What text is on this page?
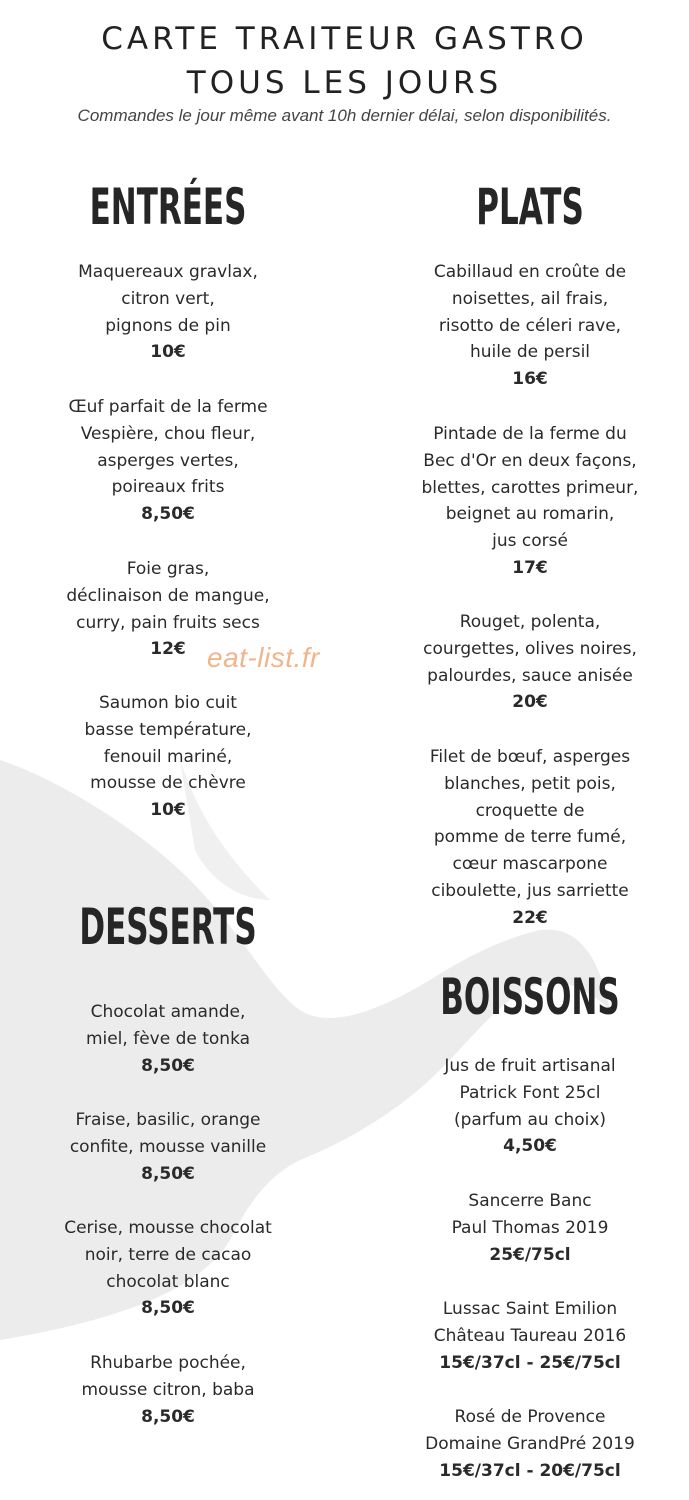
CARTE TRAITEUR GASTRO
TOUS LES JOURS
Commandes le jour même avant 10h dernier délai, selon disponibilités.
ENTRÉES
Maquereaux gravlax,
citron vert,
pignons de pin
10€
Œuf parfait de la ferme
Vespière, chou fleur,
asperges vertes,
poireaux frits
8,50€
Foie gras,
déclinaison de mangue,
curry, pain fruits secs
12€
Saumon bio cuit
basse température,
fenouil mariné,
mousse de chèvre
10€
PLATS
Cabillaud en croûte de
noisettes, ail frais,
risotto de céleri rave,
huile de persil
16€
Pintade de la ferme du
Bec d'Or en deux façons,
blettes, carottes primeur,
beignet au romarin,
jus corsé
17€
Rouget, polenta,
courgettes, olives noires,
palourdes, sauce anisée
20€
Filet de bœuf, asperges
blanches, petit pois,
croquette de
pomme de terre fumé,
cœur mascarpone
ciboulette, jus sarriette
22€
DESSERTS
Chocolat amande,
miel, fève de tonka
8,50€
Fraise, basilic, orange
confite, mousse vanille
8,50€
Cerise, mousse chocolat
noir, terre de cacao
chocolat blanc
8,50€
Rhubarbe pochée,
mousse citron, baba
8,50€
BOISSONS
Jus de fruit artisanal
Patrick Font 25cl
(parfum au choix)
4,50€
Sancerre Banc
Paul Thomas 2019
25€/75cl
Lussac Saint Emilion
Château Taureau 2016
15€/37cl - 25€/75cl
Rosé de Provence
Domaine GrandPré 2019
15€/37cl - 20€/75cl
eat-list.fr
